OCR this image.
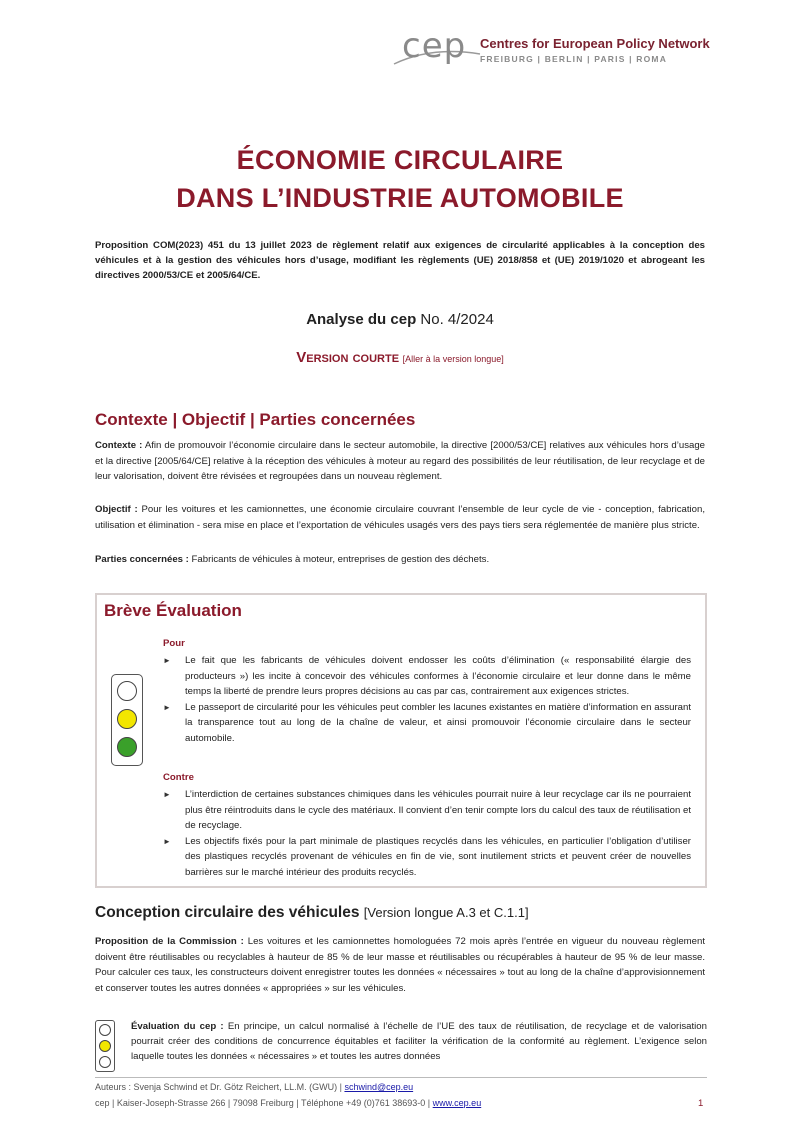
cep Centres for European Policy Network
FREIBURG | BERLIN | PARIS | ROMA
ÉCONOMIE CIRCULAIRE
DANS L’INDUSTRIE AUTOMOBILE

Proposition COM(2023) 451 du 13 juillet 2023 de règlement relatif aux exigences de circularité applicables à la conception des véhicules et à la gestion des véhicules hors d’usage, modifiant les règlements (UE) 2018/858 et (UE) 2019/1020 et abrogeant les directives 2000/53/CE et 2005/64/CE.

Analyse du cep No. 4/2024
Version courte [Aller à la version longue]
Contexte | Objectif | Parties concernées

Contexte : Afin de promouvoir l’économie circulaire dans le secteur automobile, la directive [2000/53/CE] relatives aux véhicules hors d’usage et la directive [2005/64/CE] relative à la réception des véhicules à moteur au regard des possibilités de leur réutilisation, de leur recyclage et de leur valorisation, doivent être révisées et regroupées dans un nouveau règlement.

Objectif : Pour les voitures et les camionnettes, une économie circulaire couvrant l’ensemble de leur cycle de vie - conception, fabrication, utilisation et élimination - sera mise en place et l’exportation de véhicules usagés vers des pays tiers sera réglementée de manière plus stricte.

Parties concernées : Fabricants de véhicules à moteur, entreprises de gestion des déchets.

Brève Évaluation
Pour
► Le fait que les fabricants de véhicules doivent endosser les coûts d’élimination (« responsabilité élargie des producteurs ») les incite à concevoir des véhicules conformes à l’économie circulaire et leur donne dans le même temps la liberté de prendre leurs propres décisions au cas par cas, contrairement aux exigences strictes.
► Le passeport de circularité pour les véhicules peut combler les lacunes existantes en matière d’information en assurant la transparence tout au long de la chaîne de valeur, et ainsi promouvoir l’économie circulaire dans le secteur automobile.
Contre
► L’interdiction de certaines substances chimiques dans les véhicules pourrait nuire à leur recyclage car ils ne pourraient plus être réintroduits dans le cycle des matériaux. Il convient d’en tenir compte lors du calcul des taux de réutilisation et de recyclage.
► Les objectifs fixés pour la part minimale de plastiques recyclés dans les véhicules, en particulier l’obligation d’utiliser des plastiques recyclés provenant de véhicules en fin de vie, sont inutilement stricts et peuvent créer de nouvelles barrières sur le marché intérieur des produits recyclés.
Conception circulaire des véhicules [Version longue A.3 et C.1.1]

Proposition de la Commission : Les voitures et les camionnettes homologuées 72 mois après l’entrée en vigueur du nouveau règlement doivent être réutilisables ou recyclables à hauteur de 85 % de leur masse et réutilisables ou récupérables à hauteur de 95 % de leur masse. Pour calculer ces taux, les constructeurs doivent enregistrer toutes les données « nécessaires » tout au long de la chaîne d’approvisionnement et conserver toutes les autres données « appropriées » sur les véhicules.

Évaluation du cep : En principe, un calcul normalisé à l’échelle de l’UE des taux de réutilisation, de recyclage et de valorisation pourrait créer des conditions de concurrence équitables et faciliter la vérification de la conformité au règlement. L’exigence selon laquelle toutes les données « nécessaires » et toutes les autres données

Auteurs : Svenja Schwind et Dr. Götz Reichert, LL.M. (GWU) | schwind@cep.eu
cep | Kaiser-Joseph-Strasse 266 | 79098 Freiburg | Téléphone +49 (0)761 38693-0 | www.cep.eu	1
